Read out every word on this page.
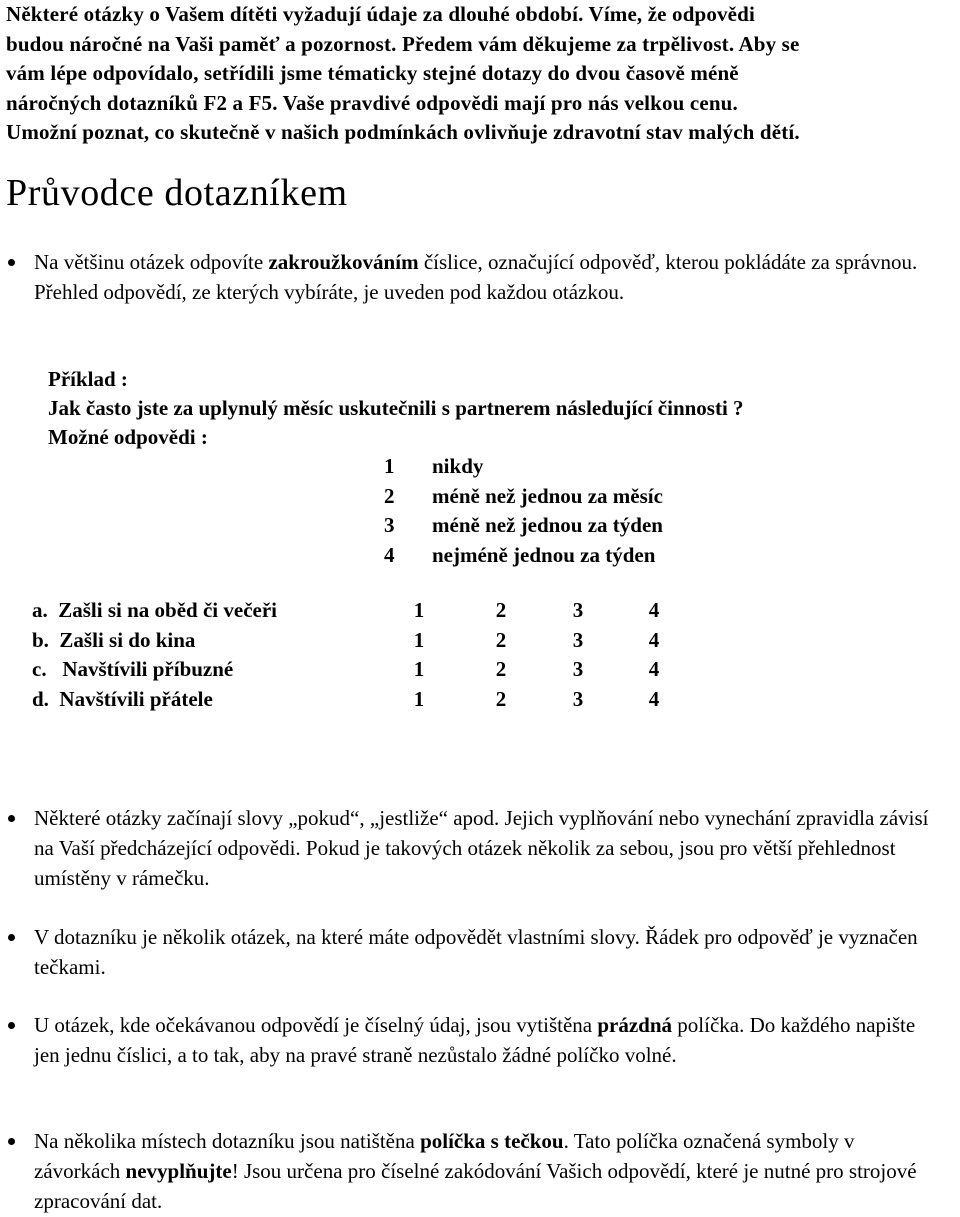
Některé otázky o Vašem dítěti vyžadují údaje za dlouhé období. Víme, že odpovědi

budou náročné na Vaši paměť a pozornost. Předem vám děkujeme za trpělivost. Aby se

vám lépe odpovídalo, setřídili jsme tématicky stejné dotazy do dvou časově méně

náročných dotazníků F2 a F5. Vaše pravdivé odpovědi mají pro nás velkou cenu.

Umožní poznat, co skutečně v našich podmínkách ovlivňuje zdravotní stav malých dětí.

Průvodce dotazníkem
Na většinu otázek odpovíte zakroužkováním číslice, označující odpověď, kterou pokládáte za správnou. Přehled odpovědí, ze kterých vybíráte, je uveden pod každou otázkou.
Příklad :
Jak často jste za uplynulý měsíc uskutečnili s partnerem následující činnosti ?
Možné odpovědi :
1 nikdy
2 méně než jednou za měsíc
3 méně než jednou za týden
4 nejméně jednou za týden
a.  Zašli si na oběd či večeři	1	2	3	4
b.  Zašli si do kina	1	2	3	4
c.   Navštívili příbuzné	1	2	3	4
d.  Navštívili přátele	1	2	3	4
Některé otázky začínají slovy „pokud“, „jestliže“ apod. Jejich vyplňování nebo vynechání zpravidla závisí na Vaší předcházející odpovědi. Pokud je takových otázek několik za sebou, jsou pro větší přehlednost umístěny v rámečku.
V dotazníku je několik otázek, na které máte odpovědět vlastními slovy. Řádek pro odpověď je vyznačen tečkami.
U otázek, kde očekávanou odpovědí je číselný údaj, jsou vytištěna prázdná políčka. Do každého napište jen jednu číslici, a to tak, aby na pravé straně nezůstalo žádné políčko volné.
Na několika místech dotazníku jsou natištěna políčka s tečkou. Tato políčka označená symboly v závorkách nevyplňujte! Jsou určena pro číselné zakódování Vašich odpovědí, které je nutné pro strojové zpracování dat.
